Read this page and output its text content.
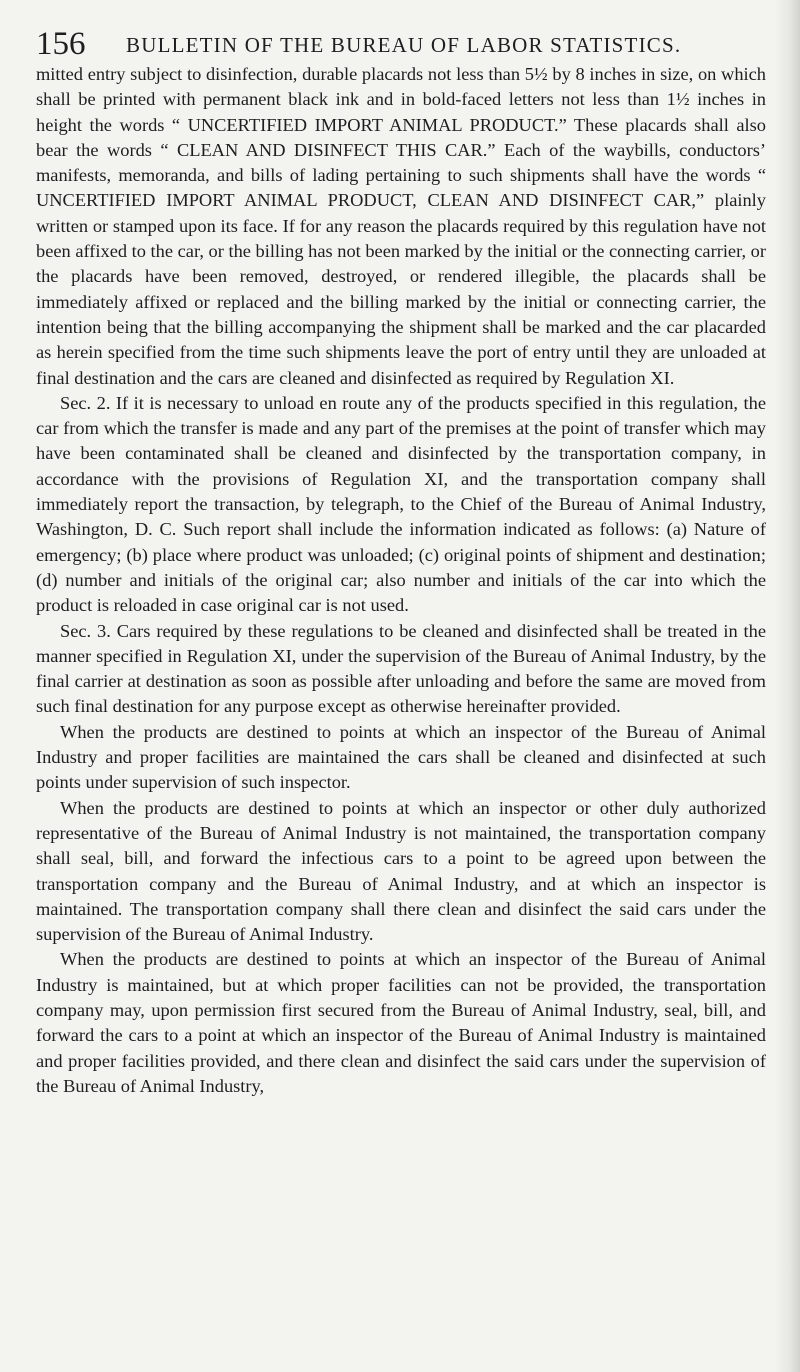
156 BULLETIN OF THE BUREAU OF LABOR STATISTICS.

mitted entry subject to disinfection, durable placards not less than 5½ by 8 inches in size, on which shall be printed with permanent black ink and in bold-faced letters not less than 1½ inches in height the words “ UNCERTIFIED IMPORT ANIMAL PRODUCT.” These placards shall also bear the words “ CLEAN AND DISINFECT THIS CAR.” Each of the waybills, conductors’ manifests, memoranda, and bills of lading pertaining to such shipments shall have the words “ UNCERTIFIED IMPORT ANIMAL PRODUCT, CLEAN AND DISINFECT CAR,” plainly written or stamped upon its face. If for any reason the placards required by this regulation have not been affixed to the car, or the billing has not been marked by the initial or the connecting carrier, or the placards have been removed, destroyed, or rendered illegible, the placards shall be immediately affixed or replaced and the billing marked by the initial or connecting carrier, the intention being that the billing accompanying the shipment shall be marked and the car placarded as herein specified from the time such shipments leave the port of entry until they are unloaded at final destination and the cars are cleaned and disinfected as required by Regulation XI.

Sec. 2. If it is necessary to unload en route any of the products specified in this regulation, the car from which the transfer is made and any part of the premises at the point of transfer which may have been contaminated shall be cleaned and disinfected by the transportation company, in accordance with the provisions of Regulation XI, and the transportation company shall immediately report the transaction, by telegraph, to the Chief of the Bureau of Animal Industry, Washington, D. C. Such report shall include the information indicated as follows: (a) Nature of emergency; (b) place where product was unloaded; (c) original points of shipment and destination; (d) number and initials of the original car; also number and initials of the car into which the product is reloaded in case original car is not used.

Sec. 3. Cars required by these regulations to be cleaned and disinfected shall be treated in the manner specified in Regulation XI, under the supervision of the Bureau of Animal Industry, by the final carrier at destination as soon as possible after unloading and before the same are moved from such final destination for any purpose except as otherwise hereinafter provided.

When the products are destined to points at which an inspector of the Bureau of Animal Industry and proper facilities are maintained the cars shall be cleaned and disinfected at such points under supervision of such inspector.

When the products are destined to points at which an inspector or other duly authorized representative of the Bureau of Animal Industry is not maintained, the transportation company shall seal, bill, and forward the infectious cars to a point to be agreed upon between the transportation company and the Bureau of Animal Industry, and at which an inspector is maintained. The transportation company shall there clean and disinfect the said cars under the supervision of the Bureau of Animal Industry.

When the products are destined to points at which an inspector of the Bureau of Animal Industry is maintained, but at which proper facilities can not be provided, the transportation company may, upon permission first secured from the Bureau of Animal Industry, seal, bill, and forward the cars to a point at which an inspector of the Bureau of Animal Industry is maintained and proper facilities provided, and there clean and disinfect the said cars under the supervision of the Bureau of Animal Industry,
